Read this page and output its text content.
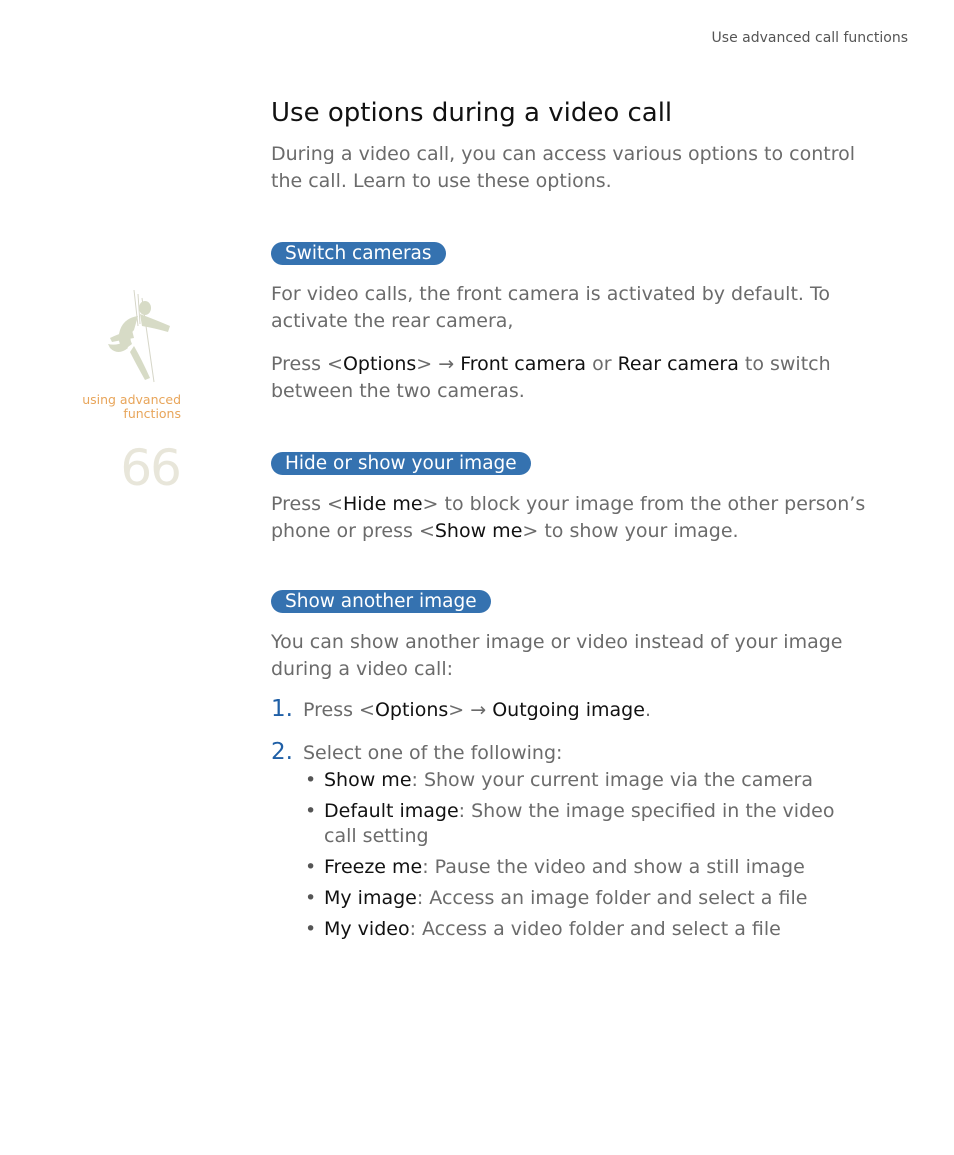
Use advanced call functions
using advanced functions
66
Use options during a video call

During a video call, you can access various options to control the call. Learn to use these options.

Switch cameras

For video calls, the front camera is activated by default. To activate the rear camera,

Press <Options> → Front camera or Rear camera to switch between the two cameras.

Hide or show your image

Press <Hide me> to block your image from the other person’s phone or press <Show me> to show your image.

Show another image

You can show another image or video instead of your image during a video call:

1. Press <Options> → Outgoing image.
2. Select one of the following:
• Show me: Show your current image via the camera
• Default image: Show the image specified in the video call setting
• Freeze me: Pause the video and show a still image
• My image: Access an image folder and select a file
• My video: Access a video folder and select a file
